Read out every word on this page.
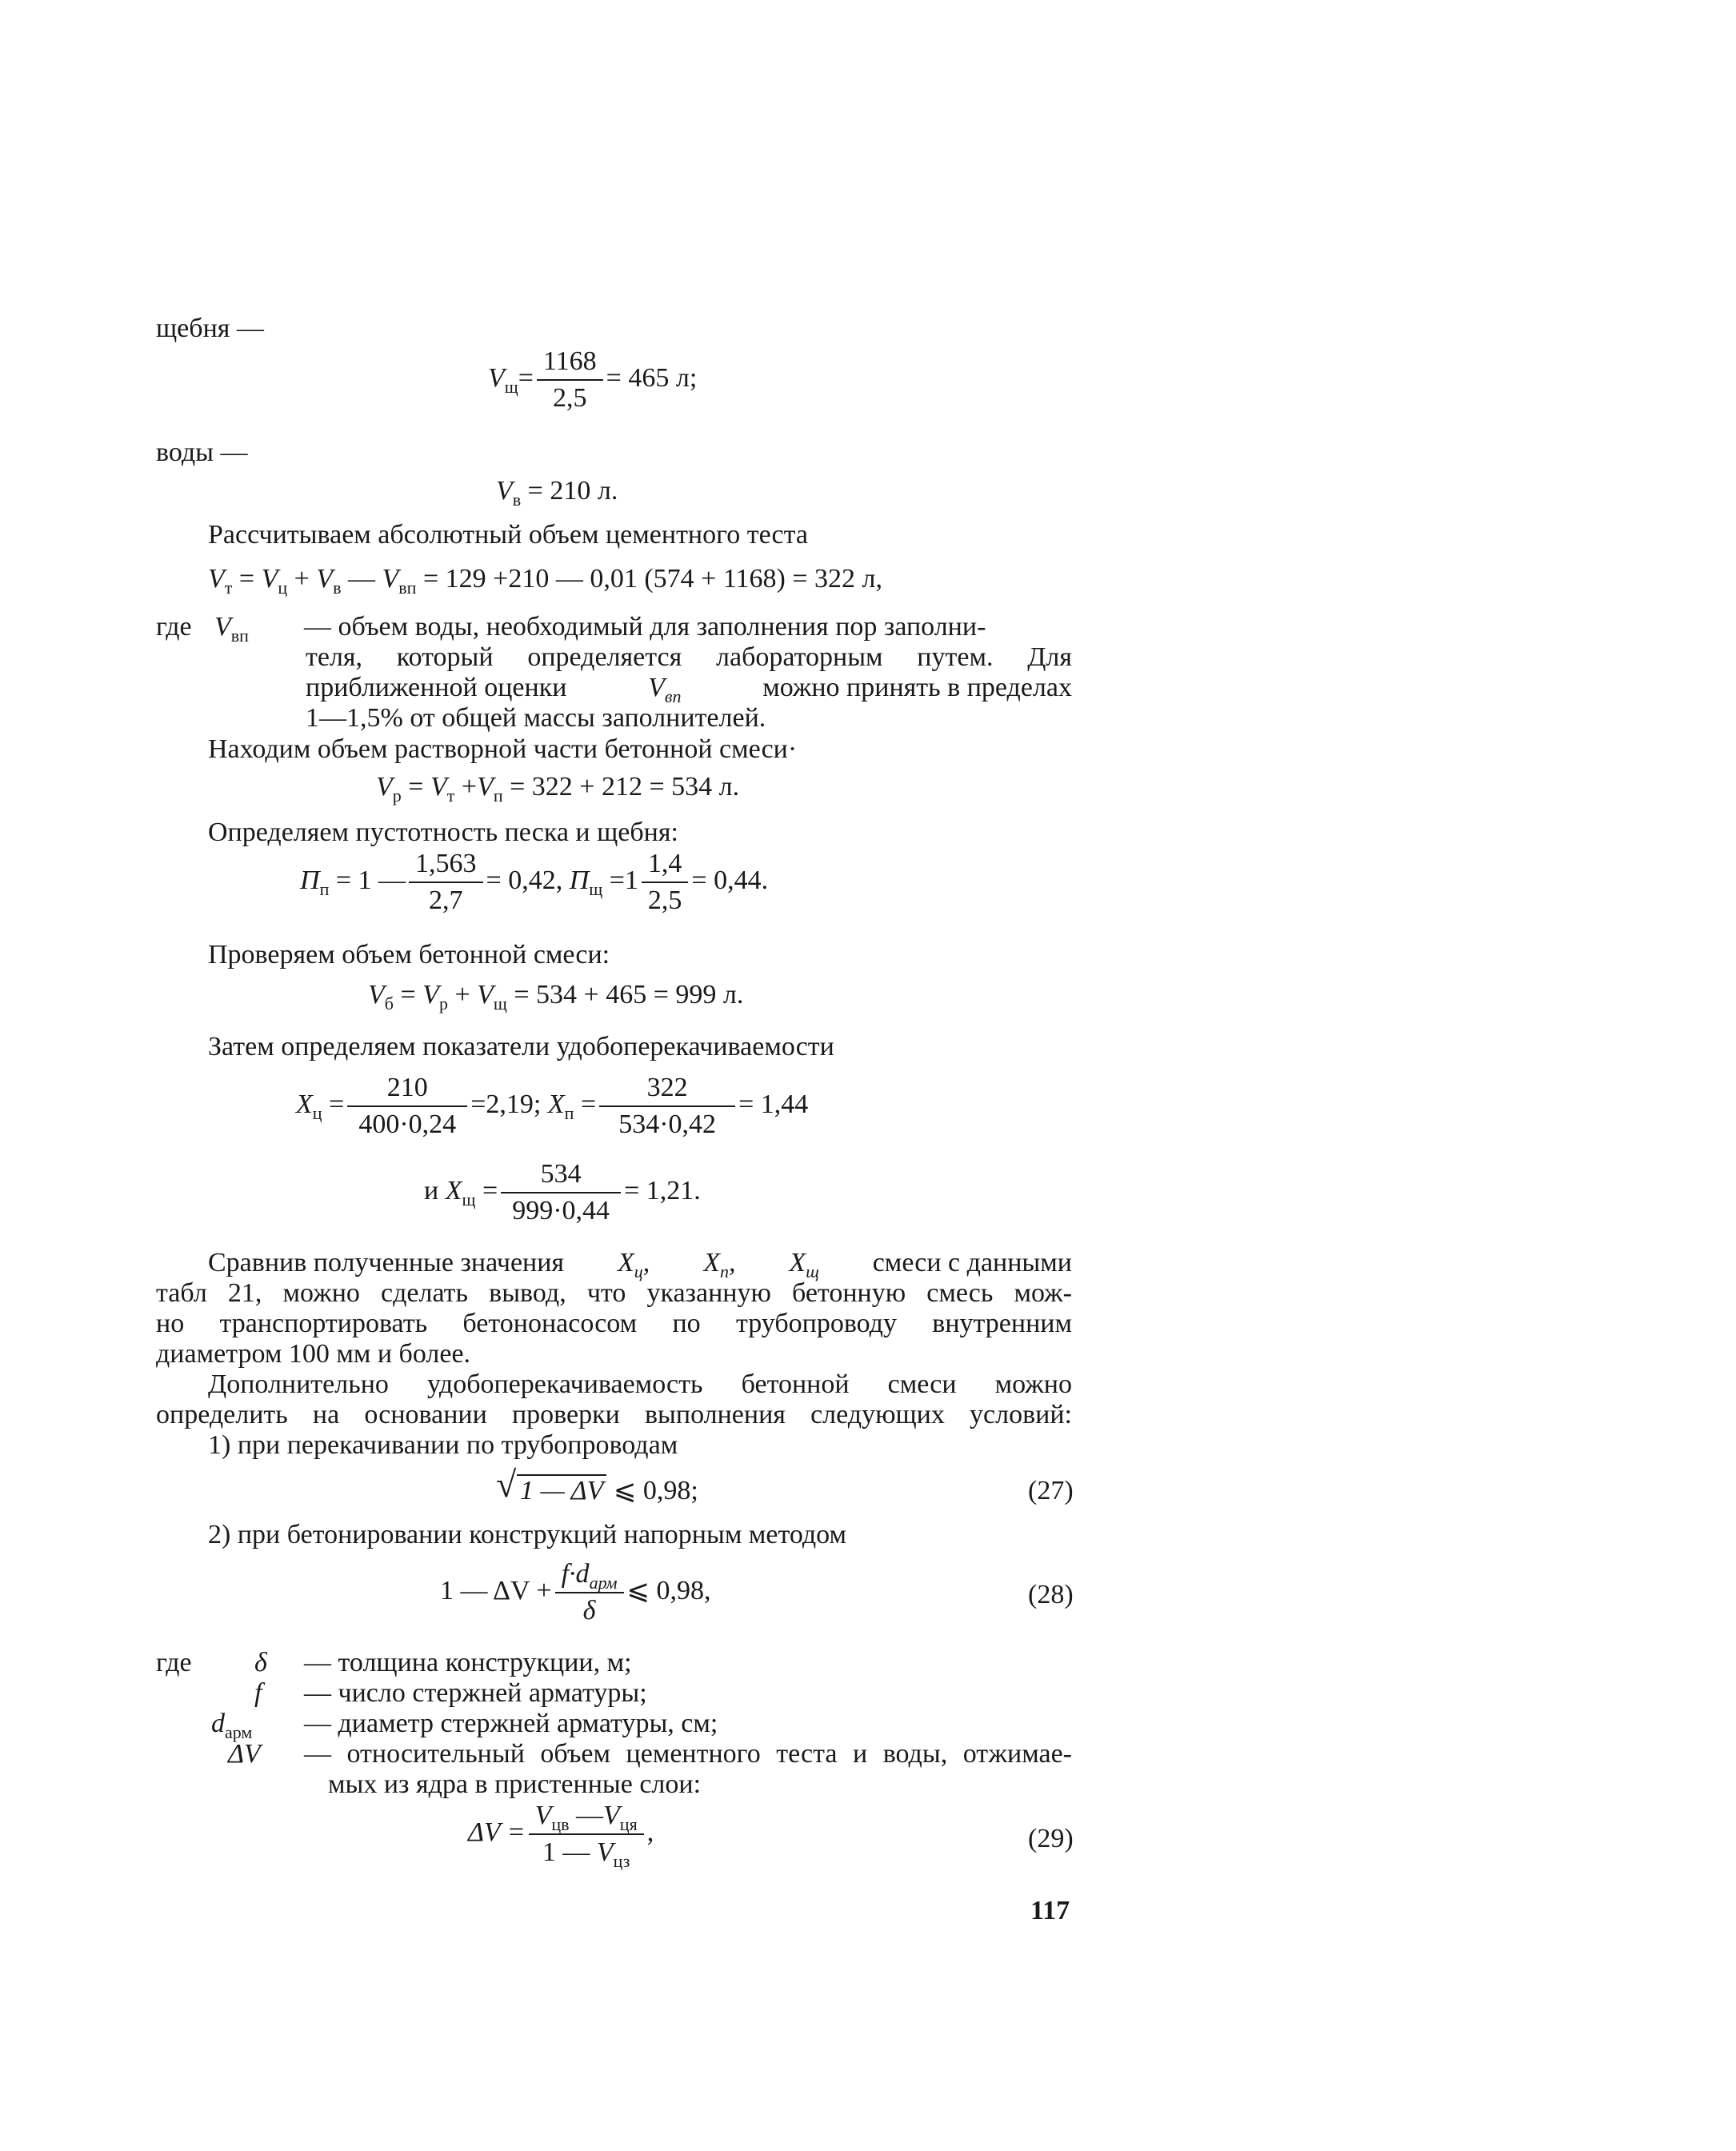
щебня —
$V_щ= \frac{1168}{2,5} = 465$ л;
воды —
$V_в = 210$ л.
Рассчитываем абсолютный объем цементного теста
$V_т = V_ц + V_в$ — $V_{вп} = 129 +210$ — 0,01 (574 + 1168) = 322 л,
где $V_{вп}$ — объем воды, необходимый для заполнения пор заполни-
теля, который определяется лабораторным путем. Для
приближенной оценки	$V_{вп}$	можно принять в пределах
1—1,5% от общей массы заполнителей.
Находим объем растворной части бетонной смеси·
$V_р = V_т +V_п = 322 + 212 = 534$ л.
Определяем пустотность песка и щебня:
$П_п = 1$ — $\frac{1,563}{2,7} = 0,42$, $П_щ =1 \frac{1,4}{2,5} = 0,44$.
Проверяем объем бетонной смеси:
$V_б = V_р + V_щ = 534 + 465 = 999$ л.
Затем определяем показатели удобоперекачиваемости
$X_ц = \frac{210}{400\cdot 0,24} =2,19$; $X_п = \frac{322}{534\cdot 0,42} = 1,44$
и $X_щ = \frac{534}{999\cdot 0,44} = 1,21$.
Сравнив полученные значения $X_ц$, $X_п$, $X_щ$ смеси с данными
табл 21, можно сделать вывод, что указанную бетонную смесь мож-
но транспортировать бетононасосом по трубопроводу внутренним
диаметром 100 мм и более.
Дополнительно удобоперекачиваемость бетонной смеси можно
определить на основании проверки выполнения следующих условий:
1) при перекачивании по трубопроводам
√ 1 — ΔV ⩽ 0,98;	(27)
2) при бетонировании конструкций напорным методом
1 — $\Delta V + \frac{f\cdot d_{арм}}{\delta}$ ⩽ 0,98,	(28)
где δ — толщина конструкции, м;
f — число стержней арматуры;
$d_{арм}$ — диаметр стержней арматуры, см;
ΔV — относительный объем цементного теста и воды, отжимае-
мых из ядра в пристенные слои:
$\Delta V = \frac{V_{цв} —V_{ця}}{1 — V_{цз}}$ ,	(29)
117
